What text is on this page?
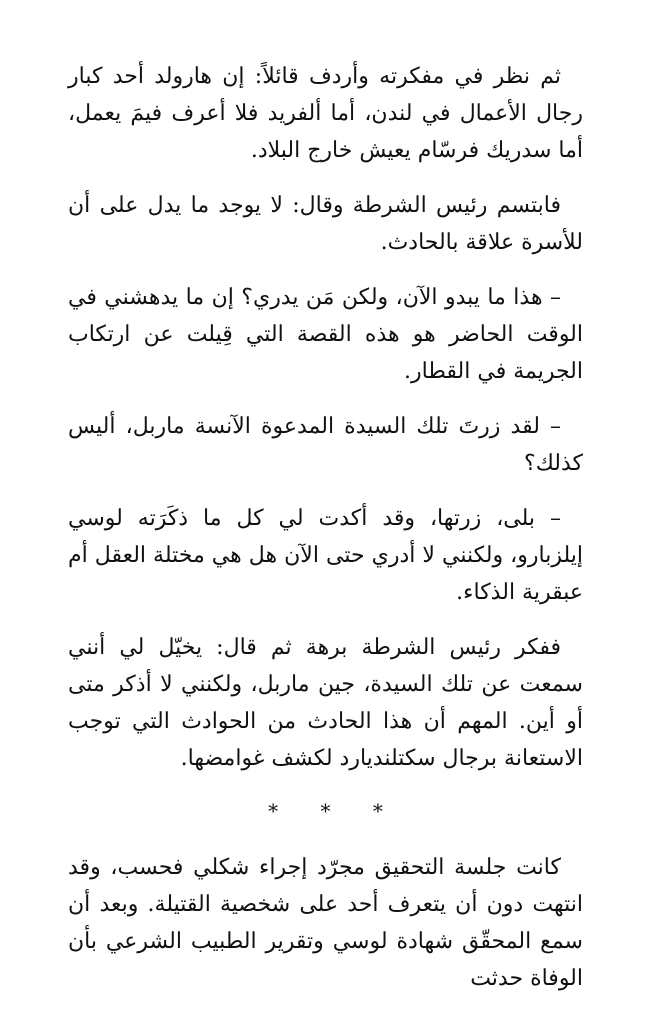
ثم نظر في مفكرته وأردف قائلاً: إن هارولد أحد كبار رجال الأعمال في لندن، أما ألفريد فلا أعرف فيمَ يعمل، أما سدريك فرسّام يعيش خارج البلاد.

فابتسم رئيس الشرطة وقال: لا يوجد ما يدل على أن للأسرة علاقة بالحادث.

– هذا ما يبدو الآن، ولكن مَن يدري؟ إن ما يدهشني في الوقت الحاضر هو هذه القصة التي قِيلت عن ارتكاب الجريمة في القطار.

– لقد زرتَ تلك السيدة المدعوة الآنسة ماربل، أليس كذلك؟

– بلى، زرتها، وقد أكدت لي كل ما ذكَرَته لوسي إيلزبارو، ولكنني لا أدري حتى الآن هل هي مختلة العقل أم عبقرية الذكاء.

ففكر رئيس الشرطة برهة ثم قال: يخيّل لي أنني سمعت عن تلك السيدة، جين ماربل، ولكنني لا أذكر متى أو أين. المهم أن هذا الحادث من الحوادث التي توجب الاستعانة برجال سكتلنديارد لكشف غوامضها.

* * *

كانت جلسة التحقيق مجرّد إجراء شكلي فحسب، وقد انتهت دون أن يتعرف أحد على شخصية القتيلة. وبعد أن سمع المحقّق شهادة لوسي وتقرير الطبيب الشرعي بأن الوفاة حدثت
